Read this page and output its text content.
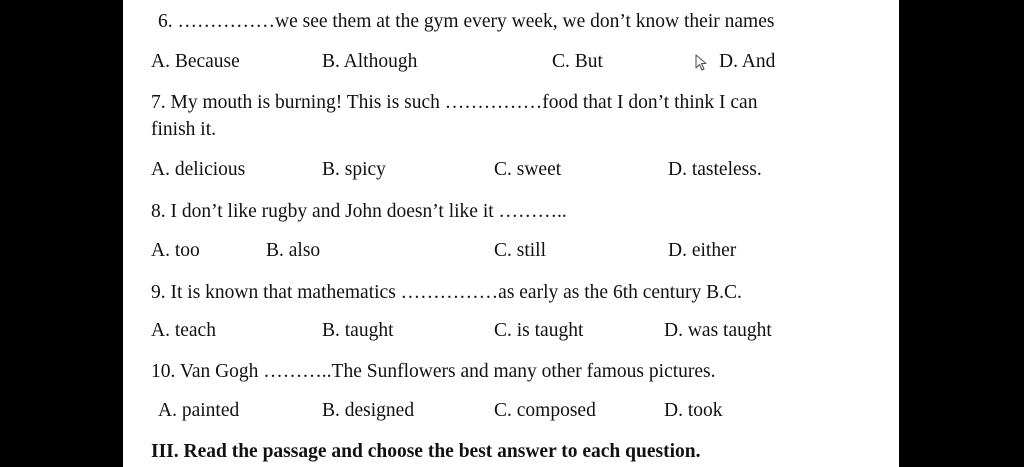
6. ……………we see them at the gym every week, we don’t know their names
A. Because	B. Although	C. But	D. And
7. My mouth is burning! This is such ……………food that I don’t think I can
finish it.
A. delicious	B. spicy	C. sweet	D. tasteless.
8. I don’t like rugby and John doesn’t like it ………..
A. too	B. also	C. still	D. either
9. It is known that mathematics ……………as early as the 6th century B.C.
A. teach	B. taught	C. is taught	D. was taught
10. Van Gogh ………..The Sunflowers and many other famous pictures.
A. painted	B. designed	C. composed	D. took
III. Read the passage and choose the best answer to each question.
